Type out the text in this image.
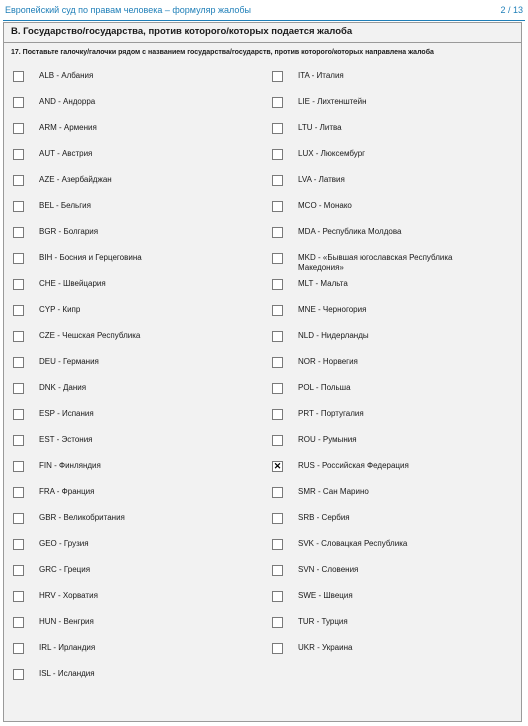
Европейский суд по правам человека – формуляр жалобы	2 / 13
B. Государство/государства, против которого/которых подается жалоба
17. Поставьте галочку/галочки рядом с названием государства/государств, против которого/которых направлена жалоба
ALB - Албания
AND - Андорра
ARM - Армения
AUT - Австрия
AZE - Азербайджан
BEL - Бельгия
BGR - Болгария
BIH - Босния и Герцеговина
CHE - Швейцария
CYP - Кипр
CZE - Чешская Республика
DEU - Германия
DNK - Дания
ESP - Испания
EST - Эстония
FIN - Финляндия
FRA - Франция
GBR - Великобритания
GEO - Грузия
GRC - Греция
HRV - Хорватия
HUN - Венгрия
IRL - Ирландия
ISL - Исландия
ITA - Италия
LIE - Лихтенштейн
LTU - Литва
LUX - Люксембург
LVA - Латвия
MCO - Монако
MDA - Республика Молдова
MKD - «Бывшая югославская Республика Македония»
MLT - Мальта
MNE - Черногория
NLD - Нидерланды
NOR - Норвегия
POL - Польша
PRT - Португалия
ROU - Румыния
✕ RUS - Российская Федерация
SMR - Сан Марино
SRB - Сербия
SVK - Словацкая Республика
SVN - Словения
SWE - Швеция
TUR - Турция
UKR - Украина
